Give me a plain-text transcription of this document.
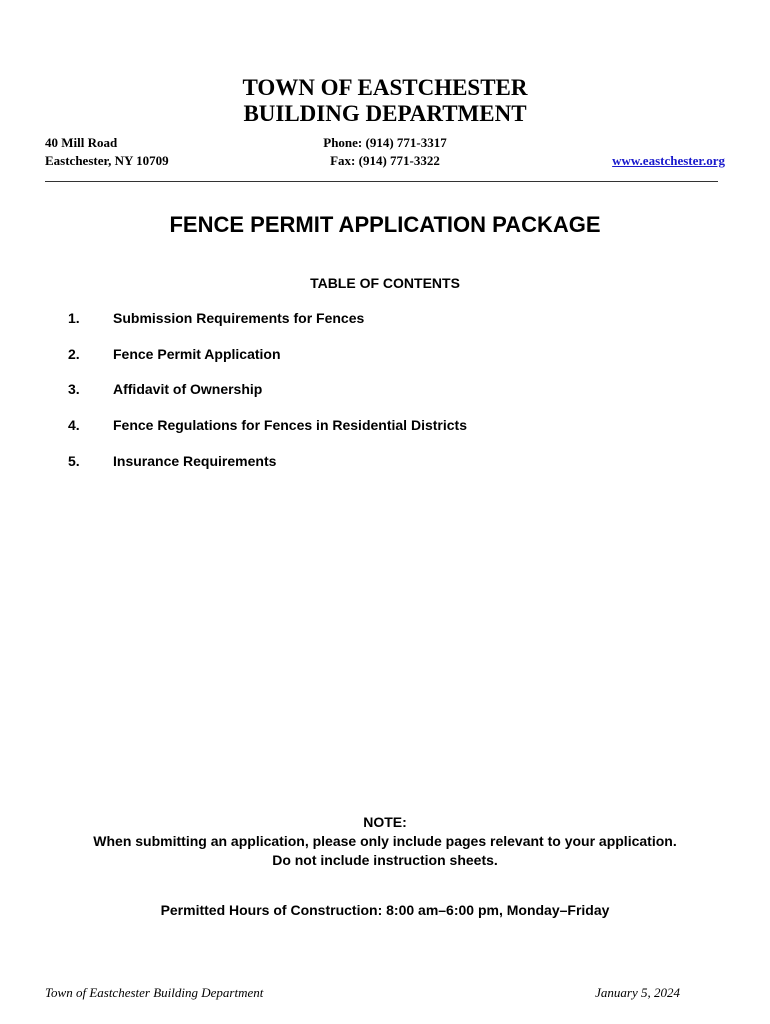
TOWN OF EASTCHESTER
BUILDING DEPARTMENT
40 Mill Road
Eastchester, NY 10709
Phone: (914) 771-3317
Fax: (914) 771-3322	www.eastchester.org
FENCE PERMIT APPLICATION PACKAGE
TABLE OF CONTENTS
1.	Submission Requirements for Fences
2.	Fence Permit Application
3.	Affidavit of Ownership
4.	Fence Regulations for Fences in Residential Districts
5.	Insurance Requirements
NOTE:
When submitting an application, please only include pages relevant to your application.
Do not include instruction sheets.
Permitted Hours of Construction: 8:00 am–6:00 pm, Monday–Friday
Town of Eastchester Building Department	January 5, 2024
